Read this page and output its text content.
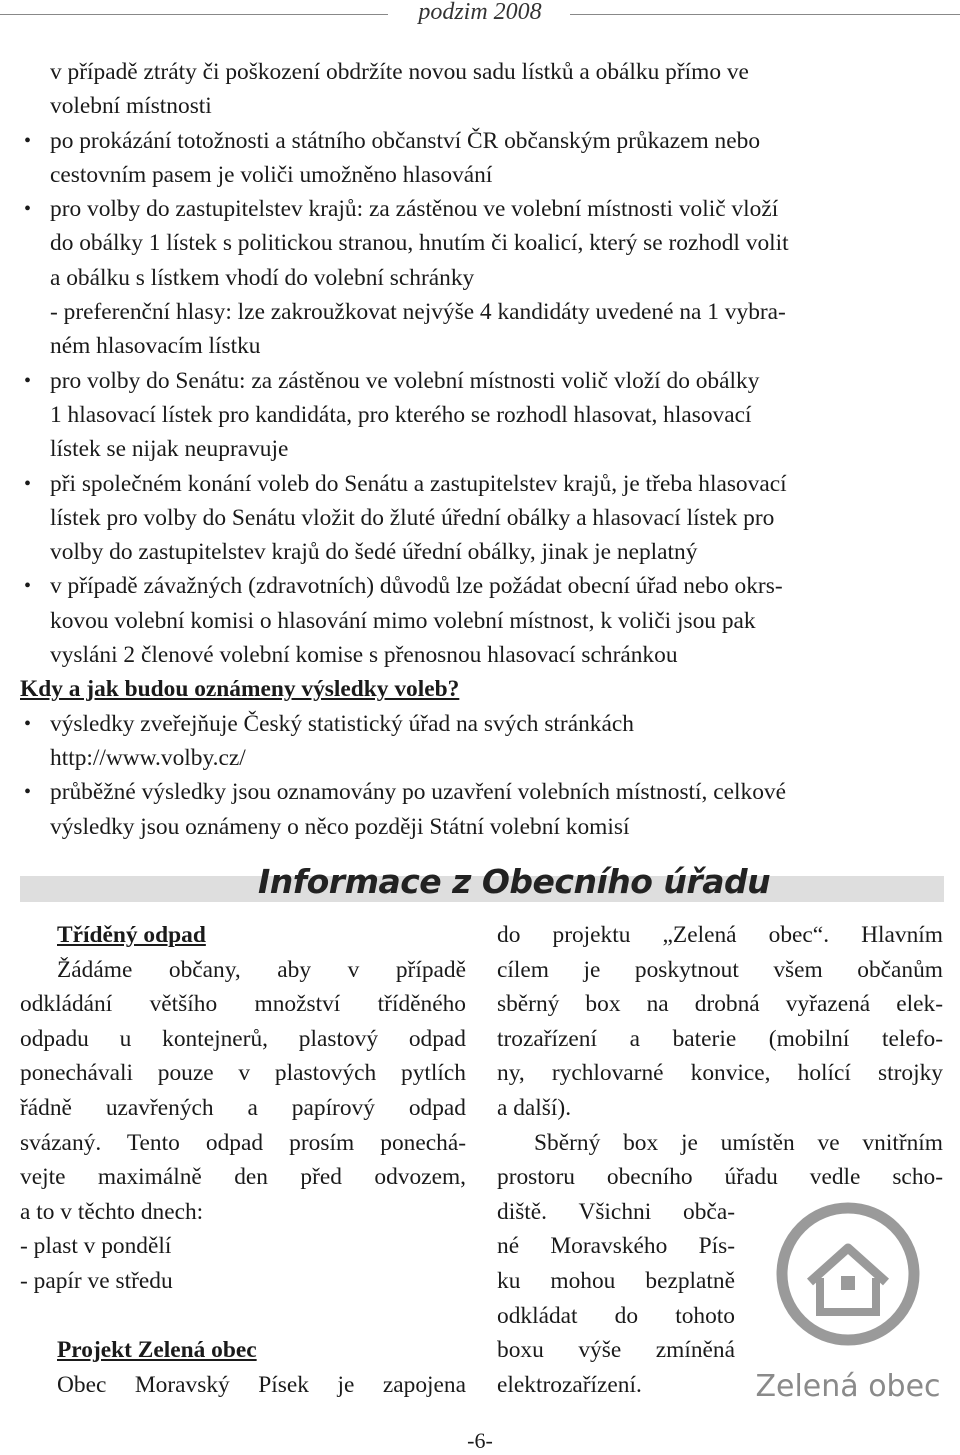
podzim 2008
v případě ztráty či poškození obdržíte novou sadu lístků a obálku přímo ve
volební místnosti
• po prokázání totožnosti a státního občanství ČR občanským průkazem nebo
cestovním pasem je voliči umožněno hlasování
• pro volby do zastupitelstev krajů: za zástěnou ve volební místnosti volič vloží
do obálky 1 lístek s politickou stranou, hnutím či koalicí, který se rozhodl volit
a obálku s lístkem vhodí do volební schránky
- preferenční hlasy: lze zakroužkovat nejvýše 4 kandidáty uvedené na 1 vybra-
ném hlasovacím lístku
• pro volby do Senátu: za zástěnou ve volební místnosti volič vloží do obálky
1 hlasovací lístek pro kandidáta, pro kterého se rozhodl hlasovat, hlasovací
lístek se nijak neupravuje
• při společném konání voleb do Senátu a zastupitelstev krajů, je třeba hlasovací
lístek pro volby do Senátu vložit do žluté úřední obálky a hlasovací lístek pro
volby do zastupitelstev krajů do šedé úřední obálky, jinak je neplatný
• v případě závažných (zdravotních) důvodů lze požádat obecní úřad nebo okrs-
kovou volební komisi o hlasování mimo volební místnost, k voliči jsou pak
vysláni 2 členové volební komise s přenosnou hlasovací schránkou
Kdy a jak budou oznámeny výsledky voleb?
• výsledky zveřejňuje Český statistický úřad na svých stránkách
http://www.volby.cz/
• průběžné výsledky jsou oznamovány po uzavření volebních místností, celkové
výsledky jsou oznámeny o něco později Státní volební komisí
Informace z Obecního úřadu
Tříděný odpad
Žádáme občany, aby v případě
odkládání většího množství tříděného
odpadu u kontejnerů, plastový odpad
ponechávali pouze v plastových pytlích
řádně uzavřených a papírový odpad
svázaný. Tento odpad prosím ponechá-
vejte maximálně den před odvozem,
a to v těchto dnech:
- plast v pondělí
- papír ve středu
Projekt Zelená obec
Obec Moravský Písek je zapojena
do projektu „Zelená obec“. Hlavním
cílem je poskytnout všem občanům
sběrný box na drobná vyřazená elek-
trozařízení a baterie (mobilní telefo-
ny, rychlovarné konvice, holící strojky
a další).
Sběrný box je umístěn ve vnitřním
prostoru obecního úřadu vedle scho-
diště. Všichni obča-
né Moravského Pís-
ku mohou bezplatně
odkládat do tohoto
boxu výše zmíněná
elektrozařízení.	Zelená obec
-6-
